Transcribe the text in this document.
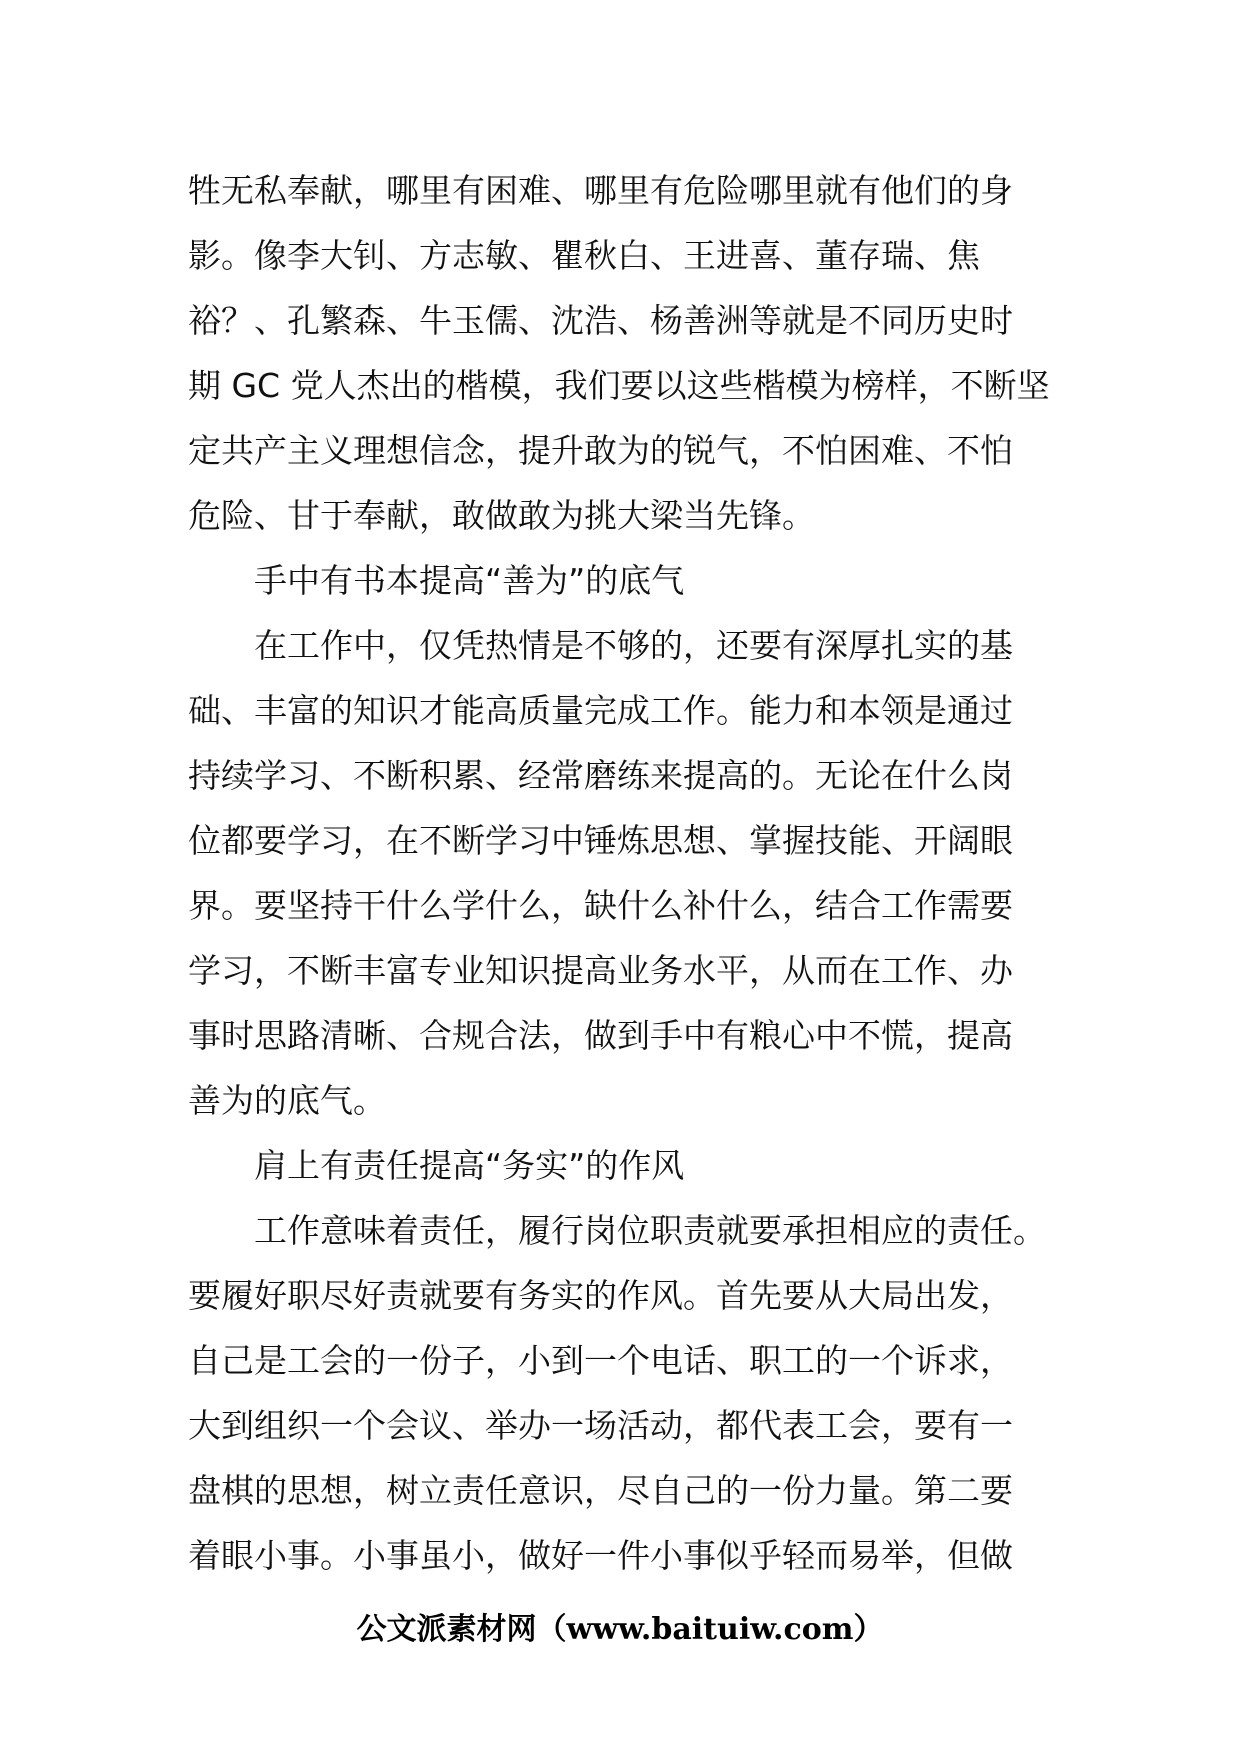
牲无私奉献，哪里有困难、哪里有危险哪里就有他们的身
影。像李大钊、方志敏、瞿秋白、王进喜、董存瑞、焦
裕？、孔繁森、牛玉儒、沈浩、杨善洲等就是不同历史时
期 GC 党人杰出的楷模，我们要以这些楷模为榜样，不断坚
定共产主义理想信念，提升敢为的锐气，不怕困难、不怕
危险、甘于奉献，敢做敢为挑大梁当先锋。
手中有书本提高“善为”的底气
在工作中，仅凭热情是不够的，还要有深厚扎实的基
础、丰富的知识才能高质量完成工作。能力和本领是通过
持续学习、不断积累、经常磨练来提高的。无论在什么岗
位都要学习，在不断学习中锤炼思想、掌握技能、开阔眼
界。要坚持干什么学什么，缺什么补什么，结合工作需要
学习，不断丰富专业知识提高业务水平，从而在工作、办
事时思路清晰、合规合法，做到手中有粮心中不慌，提高
善为的底气。
肩上有责任提高“务实”的作风
工作意味着责任，履行岗位职责就要承担相应的责任。
要履好职尽好责就要有务实的作风。首先要从大局出发，
自己是工会的一份子，小到一个电话、职工的一个诉求，
大到组织一个会议、举办一场活动，都代表工会，要有一
盘棋的思想，树立责任意识，尽自己的一份力量。第二要
着眼小事。小事虽小，做好一件小事似乎轻而易举，但做
公文派素材网（www.baituiw.com）
